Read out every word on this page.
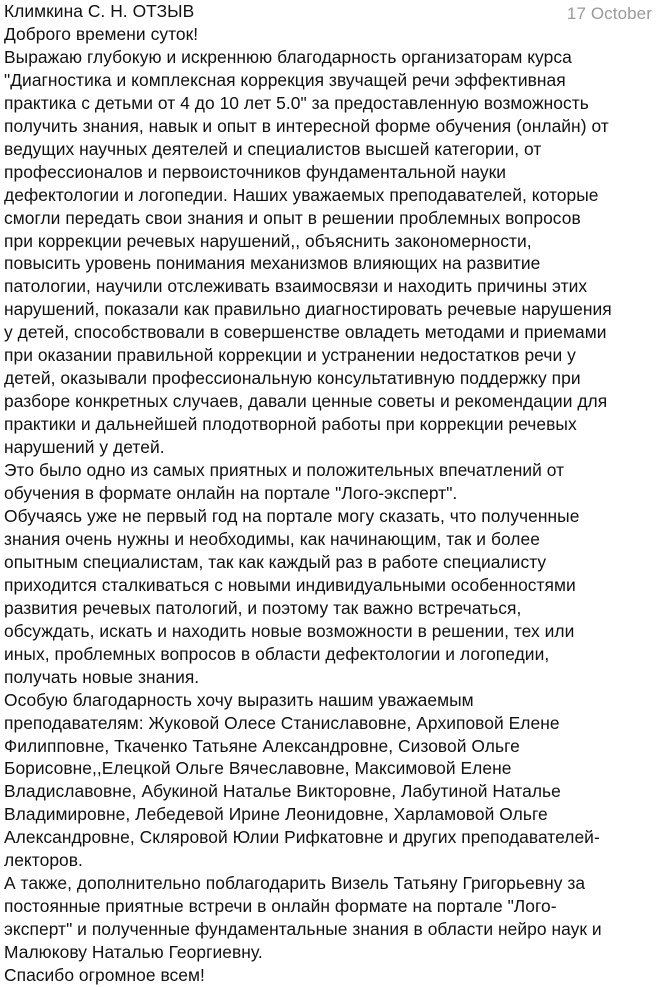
17 October
Климкина С. Н. ОТЗЫВ
Доброго времени суток!
Выражаю глубокую и искреннюю благодарность организаторам курса
"Диагностика и комплексная коррекция звучащей речи эффективная
практика с детьми от 4 до 10 лет 5.0" за предоставленную возможность
получить знания, навык и опыт в интересной форме обучения (онлайн) от
ведущих научных деятелей и специалистов высшей категории, от
профессионалов и первоисточников фундаментальной науки
дефектологии и логопедии. Наших уважаемых преподавателей, которые
смогли передать свои знания и опыт в решении проблемных вопросов
при коррекции речевых нарушений,, объяснить закономерности,
повысить уровень понимания механизмов влияющих на развитие
патологии, научили отслеживать взаимосвязи и находить причины этих
нарушений, показали как правильно диагностировать речевые нарушения
у детей, способствовали в совершенстве овладеть методами и приемами
при оказании правильной коррекции и устранении недостатков речи у
детей, оказывали профессиональную консультативную поддержку при
разборе конкретных случаев, давали ценные советы и рекомендации для
практики и дальнейшей плодотворной работы при коррекции речевых
нарушений у детей.
Это было одно из самых приятных и положительных впечатлений от
обучения в формате онлайн на портале "Лого-эксперт".
Обучаясь уже не первый год на портале могу сказать, что полученные
знания очень нужны и необходимы, как начинающим, так и более
опытным специалистам, так как каждый раз в работе специалисту
приходится сталкиваться с новыми индивидуальными особенностями
развития речевых патологий, и поэтому так важно встречаться,
обсуждать, искать и находить новые возможности в решении, тех или
иных, проблемных вопросов в области дефектологии и логопедии,
получать новые знания.
Особую благодарность хочу выразить нашим уважаемым
преподавателям: Жуковой Олесе Станиславовне, Архиповой Елене
Филипповне, Ткаченко Татьяне Александровне, Сизовой Ольге
Борисовне,,Елецкой Ольге Вячеславовне, Максимовой Елене
Владиславовне, Абукиной Наталье Викторовне, Лабутиной Наталье
Владимировне, Лебедевой Ирине Леонидовне, Харламовой Ольге
Александровне, Скляровой Юлии Рифкатовне и других преподавателей-
лекторов.
А также, дополнительно поблагодарить Визель Татьяну Григорьевну за
постоянные приятные встречи в онлайн формате на портале "Лого-
эксперт" и полученные фундаментальные знания в области нейро наук и
Малюкову Наталью Георгиевну.
Спасибо огромное всем!
